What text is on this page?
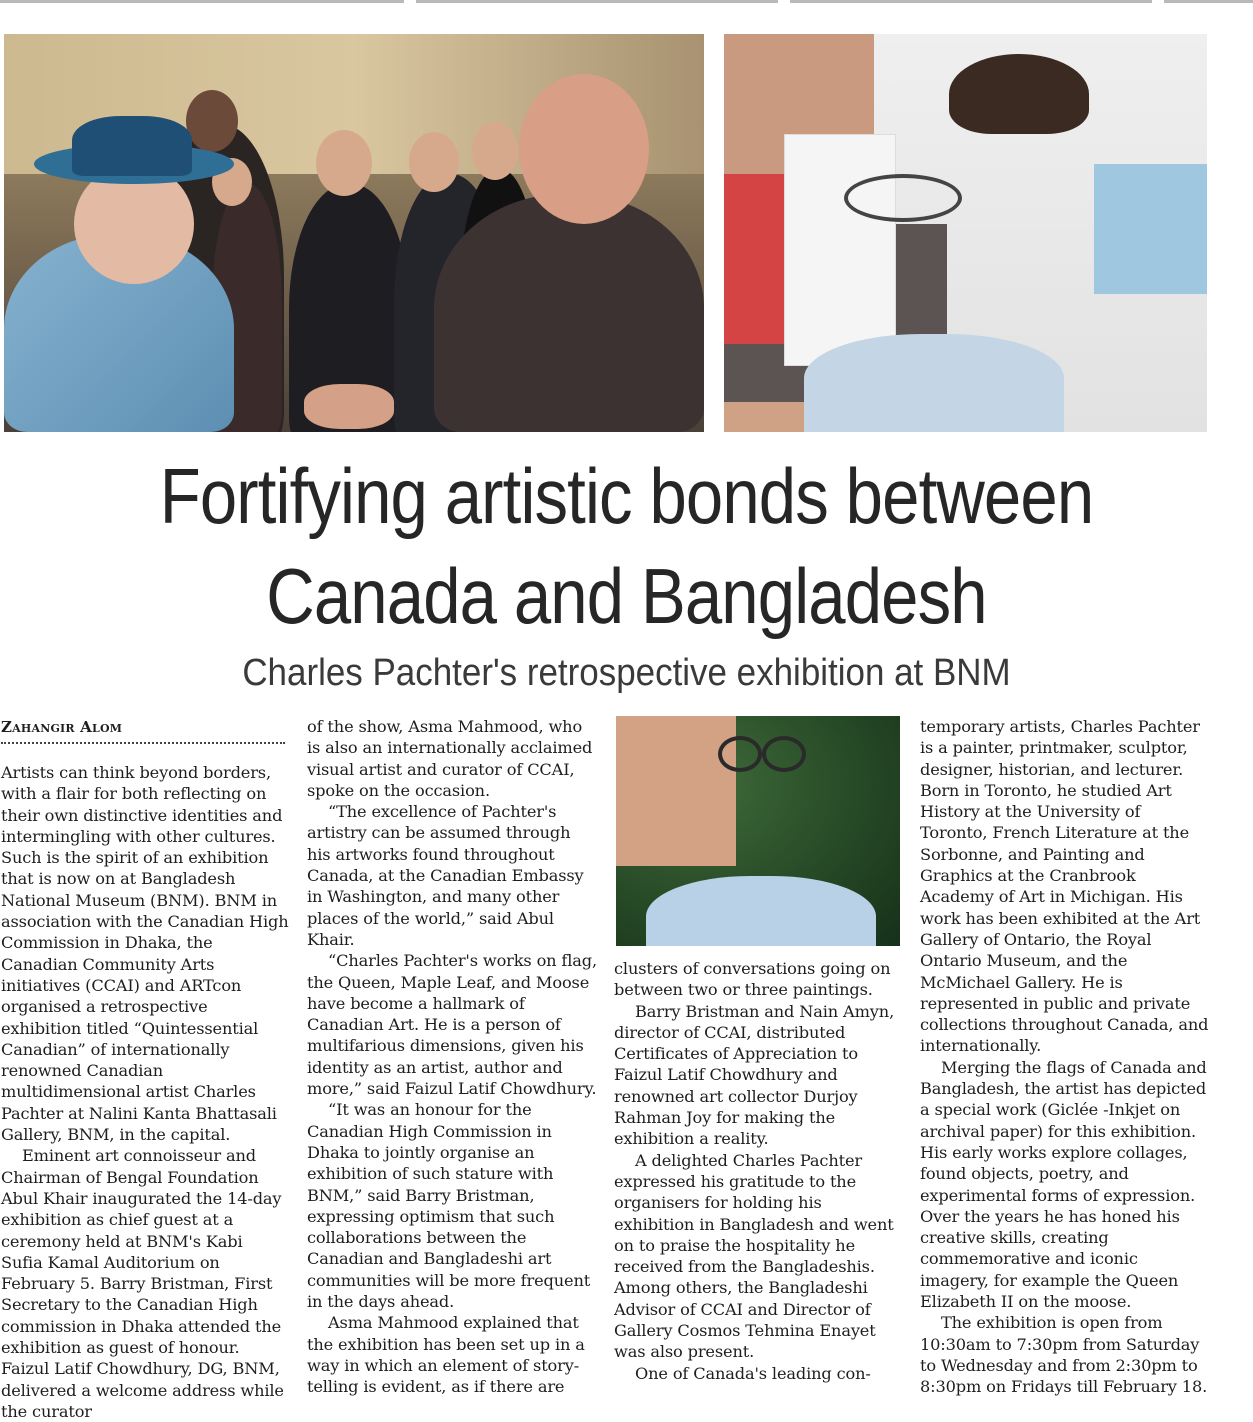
Fortifying artistic bonds between
Canada and Bangladesh
Charles Pachter's retrospective exhibition at BNM
Zahangir Alom

Artists can think beyond borders, with a flair for both reflecting on their own distinctive identities and intermingling with other cultures. Such is the spirit of an exhibition that is now on at Bangladesh National Museum (BNM). BNM in association with the Canadian High Commission in Dhaka, the Canadian Community Arts initiatives (CCAI) and ARTcon organised a retrospective exhibition titled “Quintessential Canadian” of internationally renowned Canadian multidimensional artist Charles Pachter at Nalini Kanta Bhattasali Gallery, BNM, in the capital.

Eminent art connoisseur and Chairman of Bengal Foundation Abul Khair inaugurated the 14-day exhibition as chief guest at a ceremony held at BNM's Kabi Sufia Kamal Auditorium on February 5. Barry Bristman, First Secretary to the Canadian High commission in Dhaka attended the exhibition as guest of honour. Faizul Latif Chowdhury, DG, BNM, delivered a welcome address while the curator

of the show, Asma Mahmood, who is also an internationally acclaimed visual artist and curator of CCAI, spoke on the occasion.

“The excellence of Pachter's artistry can be assumed through his artworks found throughout Canada, at the Canadian Embassy in Washington, and many other places of the world,” said Abul Khair.

“Charles Pachter's works on flag, the Queen, Maple Leaf, and Moose have become a hallmark of Canadian Art. He is a person of multifarious dimensions, given his identity as an artist, author and more,” said Faizul Latif Chowdhury.

“It was an honour for the Canadian High Commission in Dhaka to jointly organise an exhibition of such stature with BNM,” said Barry Bristman, expressing optimism that such collaborations between the Canadian and Bangladeshi art communities will be more frequent in the days ahead.

Asma Mahmood explained that the exhibition has been set up in a way in which an element of story-telling is evident, as if there are

clusters of conversations going on between two or three paintings.

Barry Bristman and Nain Amyn, director of CCAI, distributed Certificates of Appreciation to Faizul Latif Chowdhury and renowned art collector Durjoy Rahman Joy for making the exhibition a reality.

A delighted Charles Pachter expressed his gratitude to the organisers for holding his exhibition in Bangladesh and went on to praise the hospitality he received from the Bangladeshis. Among others, the Bangladeshi Advisor of CCAI and Director of Gallery Cosmos Tehmina Enayet was also present.

One of Canada's leading con-

temporary artists, Charles Pachter is a painter, printmaker, sculptor, designer, historian, and lecturer. Born in Toronto, he studied Art History at the University of Toronto, French Literature at the Sorbonne, and Painting and Graphics at the Cranbrook Academy of Art in Michigan. His work has been exhibited at the Art Gallery of Ontario, the Royal Ontario Museum, and the McMichael Gallery. He is represented in public and private collections throughout Canada, and internationally.

Merging the flags of Canada and Bangladesh, the artist has depicted a special work (Giclée -Inkjet on archival paper) for this exhibition. His early works explore collages, found objects, poetry, and experimental forms of expression. Over the years he has honed his creative skills, creating commemorative and iconic imagery, for example the Queen Elizabeth II on the moose.

The exhibition is open from 10:30am to 7:30pm from Saturday to Wednesday and from 2:30pm to 8:30pm on Fridays till February 18.
